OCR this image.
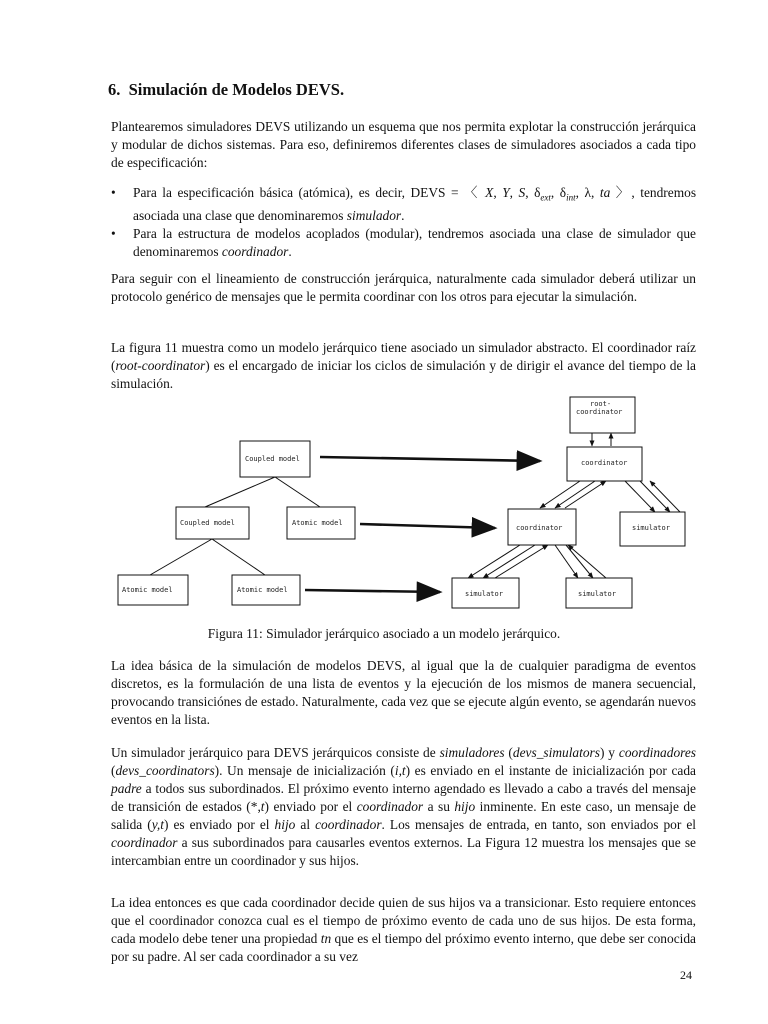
6. Simulación de Modelos DEVS.

Plantearemos simuladores DEVS utilizando un esquema que nos permita explotar la construcción jerárquica y modular de dichos sistemas. Para eso, definiremos diferentes clases de simuladores asociados a cada tipo de especificación:

• Para la especificación básica (atómica), es decir, DEVS = 〈 X, Y, S, $\delta_{ext}$, $\delta_{int}$, λ, ta 〉, tendremos asociada una clase que denominaremos simulador.
• Para la estructura de modelos acoplados (modular), tendremos asociada una clase de simulador que denominaremos coordinador.

Para seguir con el lineamiento de construcción jerárquica, naturalmente cada simulador deberá utilizar un protocolo genérico de mensajes que le permita coordinar con los otros para ejecutar la simulación.

La figura 11 muestra como un modelo jerárquico tiene asociado un simulador abstracto. El coordinador raíz (root-coordinator) es el encargado de iniciar los ciclos de simulación y de dirigir el avance del tiempo de la simulación.

Coupled model
Coupled model	Atomic model
Atomic model	Atomic model
root-
coordinator
coordinator
coordinator	simulator
simulator	simulator

Figura 11: Simulador jerárquico asociado a un modelo jerárquico.

La idea básica de la simulación de modelos DEVS, al igual que la de cualquier paradigma de eventos discretos, es la formulación de una lista de eventos y la ejecución de los mismos de manera secuencial, provocando transiciónes de estado. Naturalmente, cada vez que se ejecute algún evento, se agendarán nuevos eventos en la lista.

Un simulador jerárquico para DEVS jerárquicos consiste de simuladores (devs_simulators) y coordinadores (devs_coordinators). Un mensaje de inicialización (i,t) es enviado en el instante de inicialización por cada padre a todos sus subordinados. El próximo evento interno agendado es llevado a cabo a través del mensaje de transición de estados (*,t) enviado por el coordinador a su hijo inminente. En este caso, un mensaje de salida (y,t) es enviado por el hijo al coordinador. Los mensajes de entrada, en tanto, son enviados por el coordinador a sus subordinados para causarles eventos externos. La Figura 12 muestra los mensajes que se intercambian entre un coordinador y sus hijos.

La idea entonces es que cada coordinador decide quien de sus hijos va a transicionar. Esto requiere entonces que el coordinador conozca cual es el tiempo de próximo evento de cada uno de sus hijos. De esta forma, cada modelo debe tener una propiedad tn que es el tiempo del próximo evento interno, que debe ser conocida por su padre. Al ser cada coordinador a su vez

24
